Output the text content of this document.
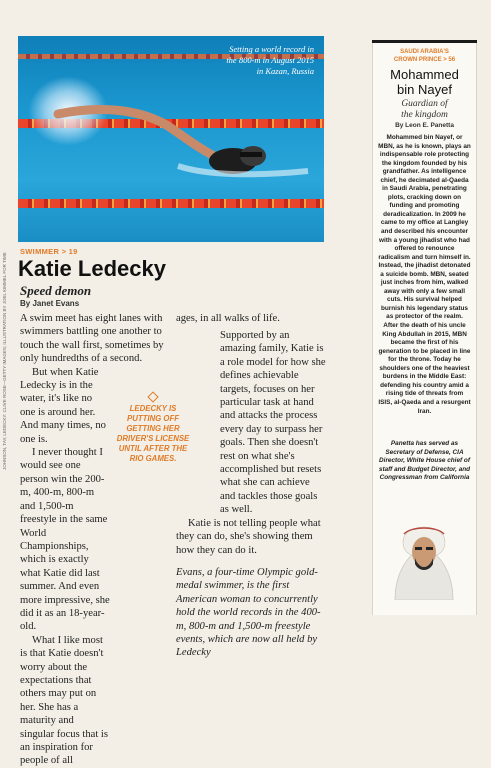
Setting a world record in
the 800-m in August 2015
in Kazan, Russia
SWIMMER > 19
Katie Ledecky
Speed demon
By Janet Evans

A swim meet has eight lanes with swimmers battling one another to touch the wall first, sometimes by only hundredths of a second.

But when Katie Ledecky is in the water, it's like no one is around her. And many times, no one is.

I never thought I would see one person win the 200-m, 400-m, 800-m and 1,500-m freestyle in the same World Championships, which is exactly what Katie did last summer. And even more impressive, she did it as an 18-year-old.

What I like most is that Katie doesn't worry about the expectations that others may put on her. She has a maturity and singular focus that is an inspiration for people of all

LEDECKY IS PUTTING OFF GETTING HER DRIVER'S LICENSE UNTIL AFTER THE RIO GAMES.

ages, in all walks of life.

Supported by an amazing family, Katie is a role model for how she defines achievable targets, focuses on her particular task at hand and attacks the process every day to surpass her goals. Then she doesn't rest on what she's accomplished but resets what she can achieve and tackles those goals as well.

Katie is not telling people what they can do, she's showing them how they can do it.

Evans, a four-time Olympic gold-medal swimmer, is the first American woman to concurrently hold the world records in the 400-m, 800-m and 1,500-m freestyle events, which are now all held by Ledecky

JOHNSON, TAY, LEDECKY: CLIVE ROSE—GETTY IMAGES; ILLUSTRATION BY JOEL KIMMEL FOR TIME
SAUDI ARABIA'S
CROWN PRINCE > 56
Mohammed
bin Nayef
Guardian of
the kingdom
By Leon E. Panetta
Mohammed bin Nayef, or MBN, as he is known, plays an indispensable role protecting the kingdom founded by his grandfather. As intelligence chief, he decimated al-Qaeda in Saudi Arabia, penetrating plots, cracking down on funding and promoting deradicalization. In 2009 he came to my office at Langley and described his encounter with a young jihadist who had offered to renounce radicalism and turn himself in. Instead, the jihadist detonated a suicide bomb. MBN, seated just inches from him, walked away with only a few small cuts. His survival helped burnish his legendary status as protector of the realm. After the death of his uncle King Abdullah in 2015, MBN became the first of his generation to be placed in line for the throne. Today he shoulders one of the heaviest burdens in the Middle East: defending his country amid a rising tide of threats from ISIS, al-Qaeda and a resurgent Iran.
Panetta has served as Secretary of Defense, CIA Director, White House chief of staff and Budget Director, and Congressman from California
